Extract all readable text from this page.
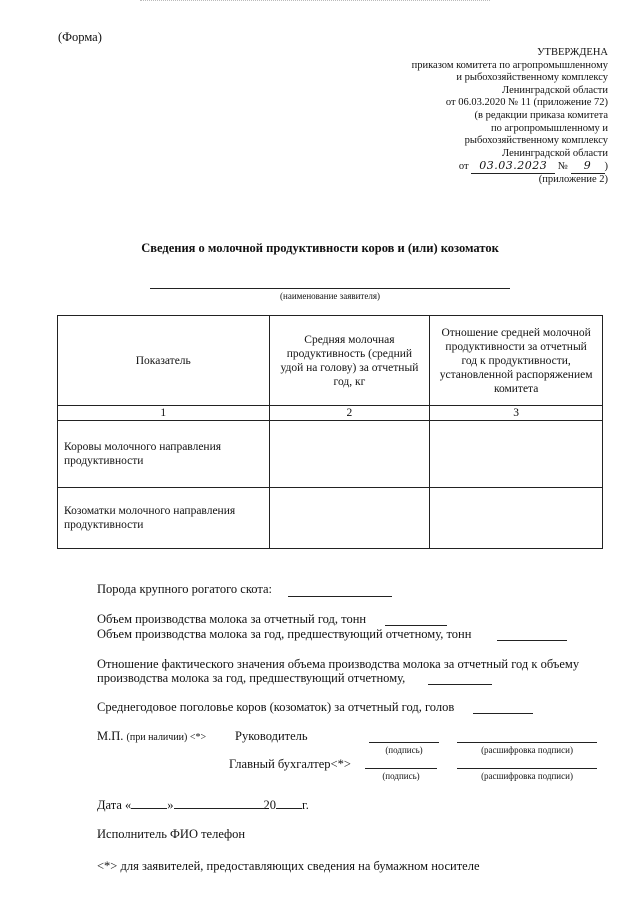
(Форма)
УТВЕРЖДЕНА
приказом комитета по агропромышленному
и рыбохозяйственному комплексу
Ленинградской области
от 06.03.2020 № 11 (приложение 72)
(в редакции приказа комитета
по агропромышленному и
рыбохозяйственному комплексу
Ленинградской области
от 03.03.2023 № 9 )
(приложение 2)
Сведения о молочной продуктивности коров и (или) козоматок
(наименование заявителя)
Показатель	Средняя молочная продуктивность (средний удой на голову) за отчетный год, кг	Отношение средней молочной продуктивности за отчетный год к продуктивности, установленной распоряжением комитета
1	2	3
Коровы молочного направления продуктивности		
Козоматки молочного направления продуктивности		
Порода крупного рогатого скота:
Объем производства молока за отчетный год, тонн
Объем производства молока за год, предшествующий отчетному, тонн
Отношение фактического значения объема производства молока за отчетный год к объему
производства молока за год, предшествующий отчетному,
Среднегодовое поголовье коров (козоматок) за отчетный год, голов
М.П. (при наличии) <*> Руководитель
(подпись)	(расшифровка подписи)
Главный бухгалтер<*>
(подпись)	(расшифровка подписи)
Дата «	»	20 г.
Исполнитель ФИО телефон
<*> для заявителей, предоставляющих сведения на бумажном носителе
